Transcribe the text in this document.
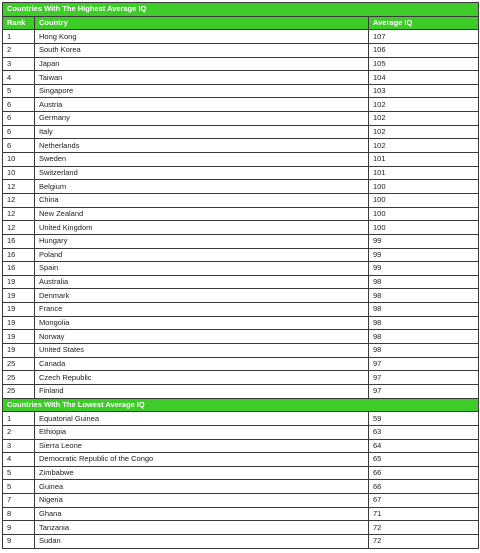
Countries With The Highest Average IQ		
Rank	Country	Average IQ
1	Hong Kong	107
2	South Korea	106
3	Japan	105
4	Taiwan	104
5	Singapore	103
6	Austria	102
6	Germany	102
6	Italy	102
6	Netherlands	102
10	Sweden	101
10	Switzerland	101
12	Belgium	100
12	China	100
12	New Zealand	100
12	United Kingdom	100
16	Hungary	99
16	Poland	99
16	Spain	99
19	Australia	98
19	Denmark	98
19	France	98
19	Mongolia	98
19	Norway	98
19	United States	98
25	Canada	97
25	Czech Republic	97
25	Finland	97
Countries With The Lowest Average IQ		
1	Equatorial Guinea	59
2	Ethiopia	63
3	Sierra Leone	64
4	Democratic Republic of the Congo	65
5	Zimbabwe	66
5	Guinea	66
7	Nigeria	67
8	Ghana	71
9	Tanzania	72
9	Sudan	72
